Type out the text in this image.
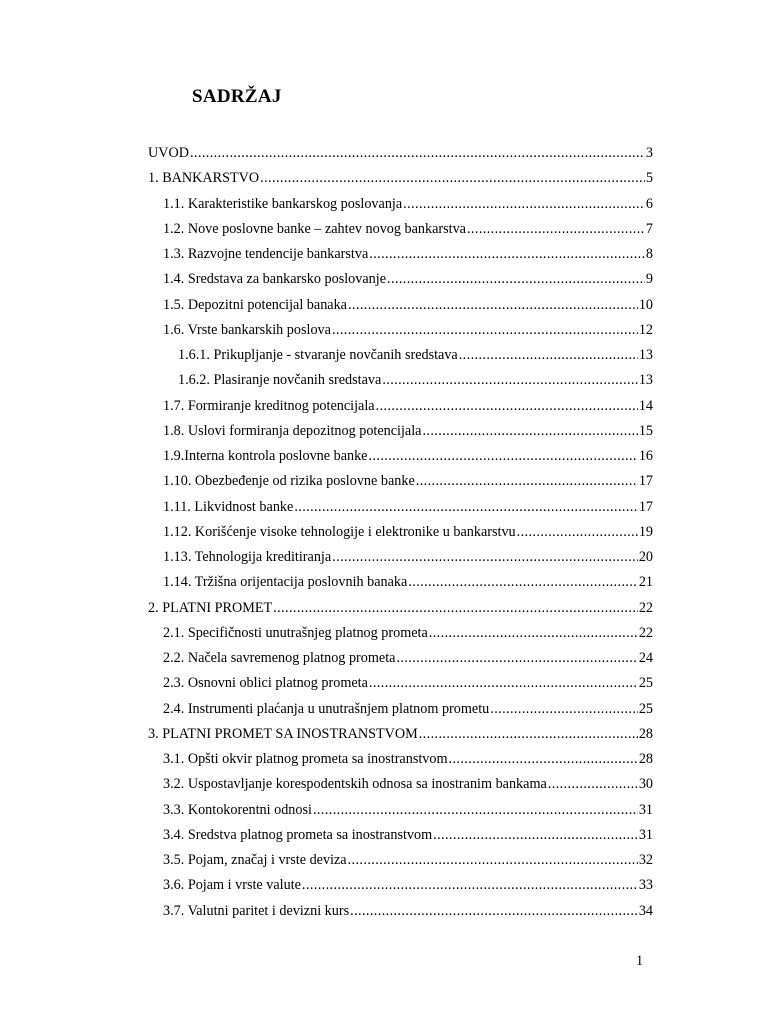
SADRŽAJ
UVOD .....	3
1. BANKARSTVO .....	5
1.1. Karakteristike bankarskog poslovanja .....	6
1.2. Nove poslovne banke – zahtev novog bankarstva .....	7
1.3. Razvojne tendencije bankarstva .....	8
1.4. Sredstava za bankarsko poslovanje .....	9
1.5. Depozitni potencijal banaka .....	10
1.6. Vrste bankarskih poslova .....	12
1.6.1. Prikupljanje - stvaranje novčanih sredstava .....	13
1.6.2. Plasiranje novčanih sredstava .....	13
1.7. Formiranje kreditnog potencijala .....	14
1.8. Uslovi formiranja depozitnog potencijala .....	15
1.9.Interna kontrola poslovne banke .....	16
1.10. Obezbeđenje od rizika poslovne banke .....	17
1.11. Likvidnost banke .....	17
1.12. Korišćenje visoke tehnologije i elektronike u bankarstvu .....	19
1.13. Tehnologija kreditiranja .....	20
1.14. Tržišna orijentacija poslovnih banaka .....	21
2. PLATNI PROMET .....	22
2.1. Specifičnosti unutrašnjeg platnog prometa .....	22
2.2. Načela savremenog platnog prometa .....	24
2.3. Osnovni oblici platnog prometa .....	25
2.4. Instrumenti plaćanja u unutrašnjem platnom prometu .....	25
3. PLATNI PROMET SA INOSTRANSTVOM .....	28
3.1. Opšti okvir platnog prometa sa inostranstvom .....	28
3.2. Uspostavljanje korespodentskih odnosa sa inostranim bankama .....	30
3.3. Kontokorentni odnosi .....	31
3.4. Sredstva platnog prometa sa inostranstvom .....	31
3.5. Pojam, značaj i vrste deviza .....	32
3.6. Pojam i vrste valute .....	33
3.7. Valutni paritet i devizni kurs .....	34
1
